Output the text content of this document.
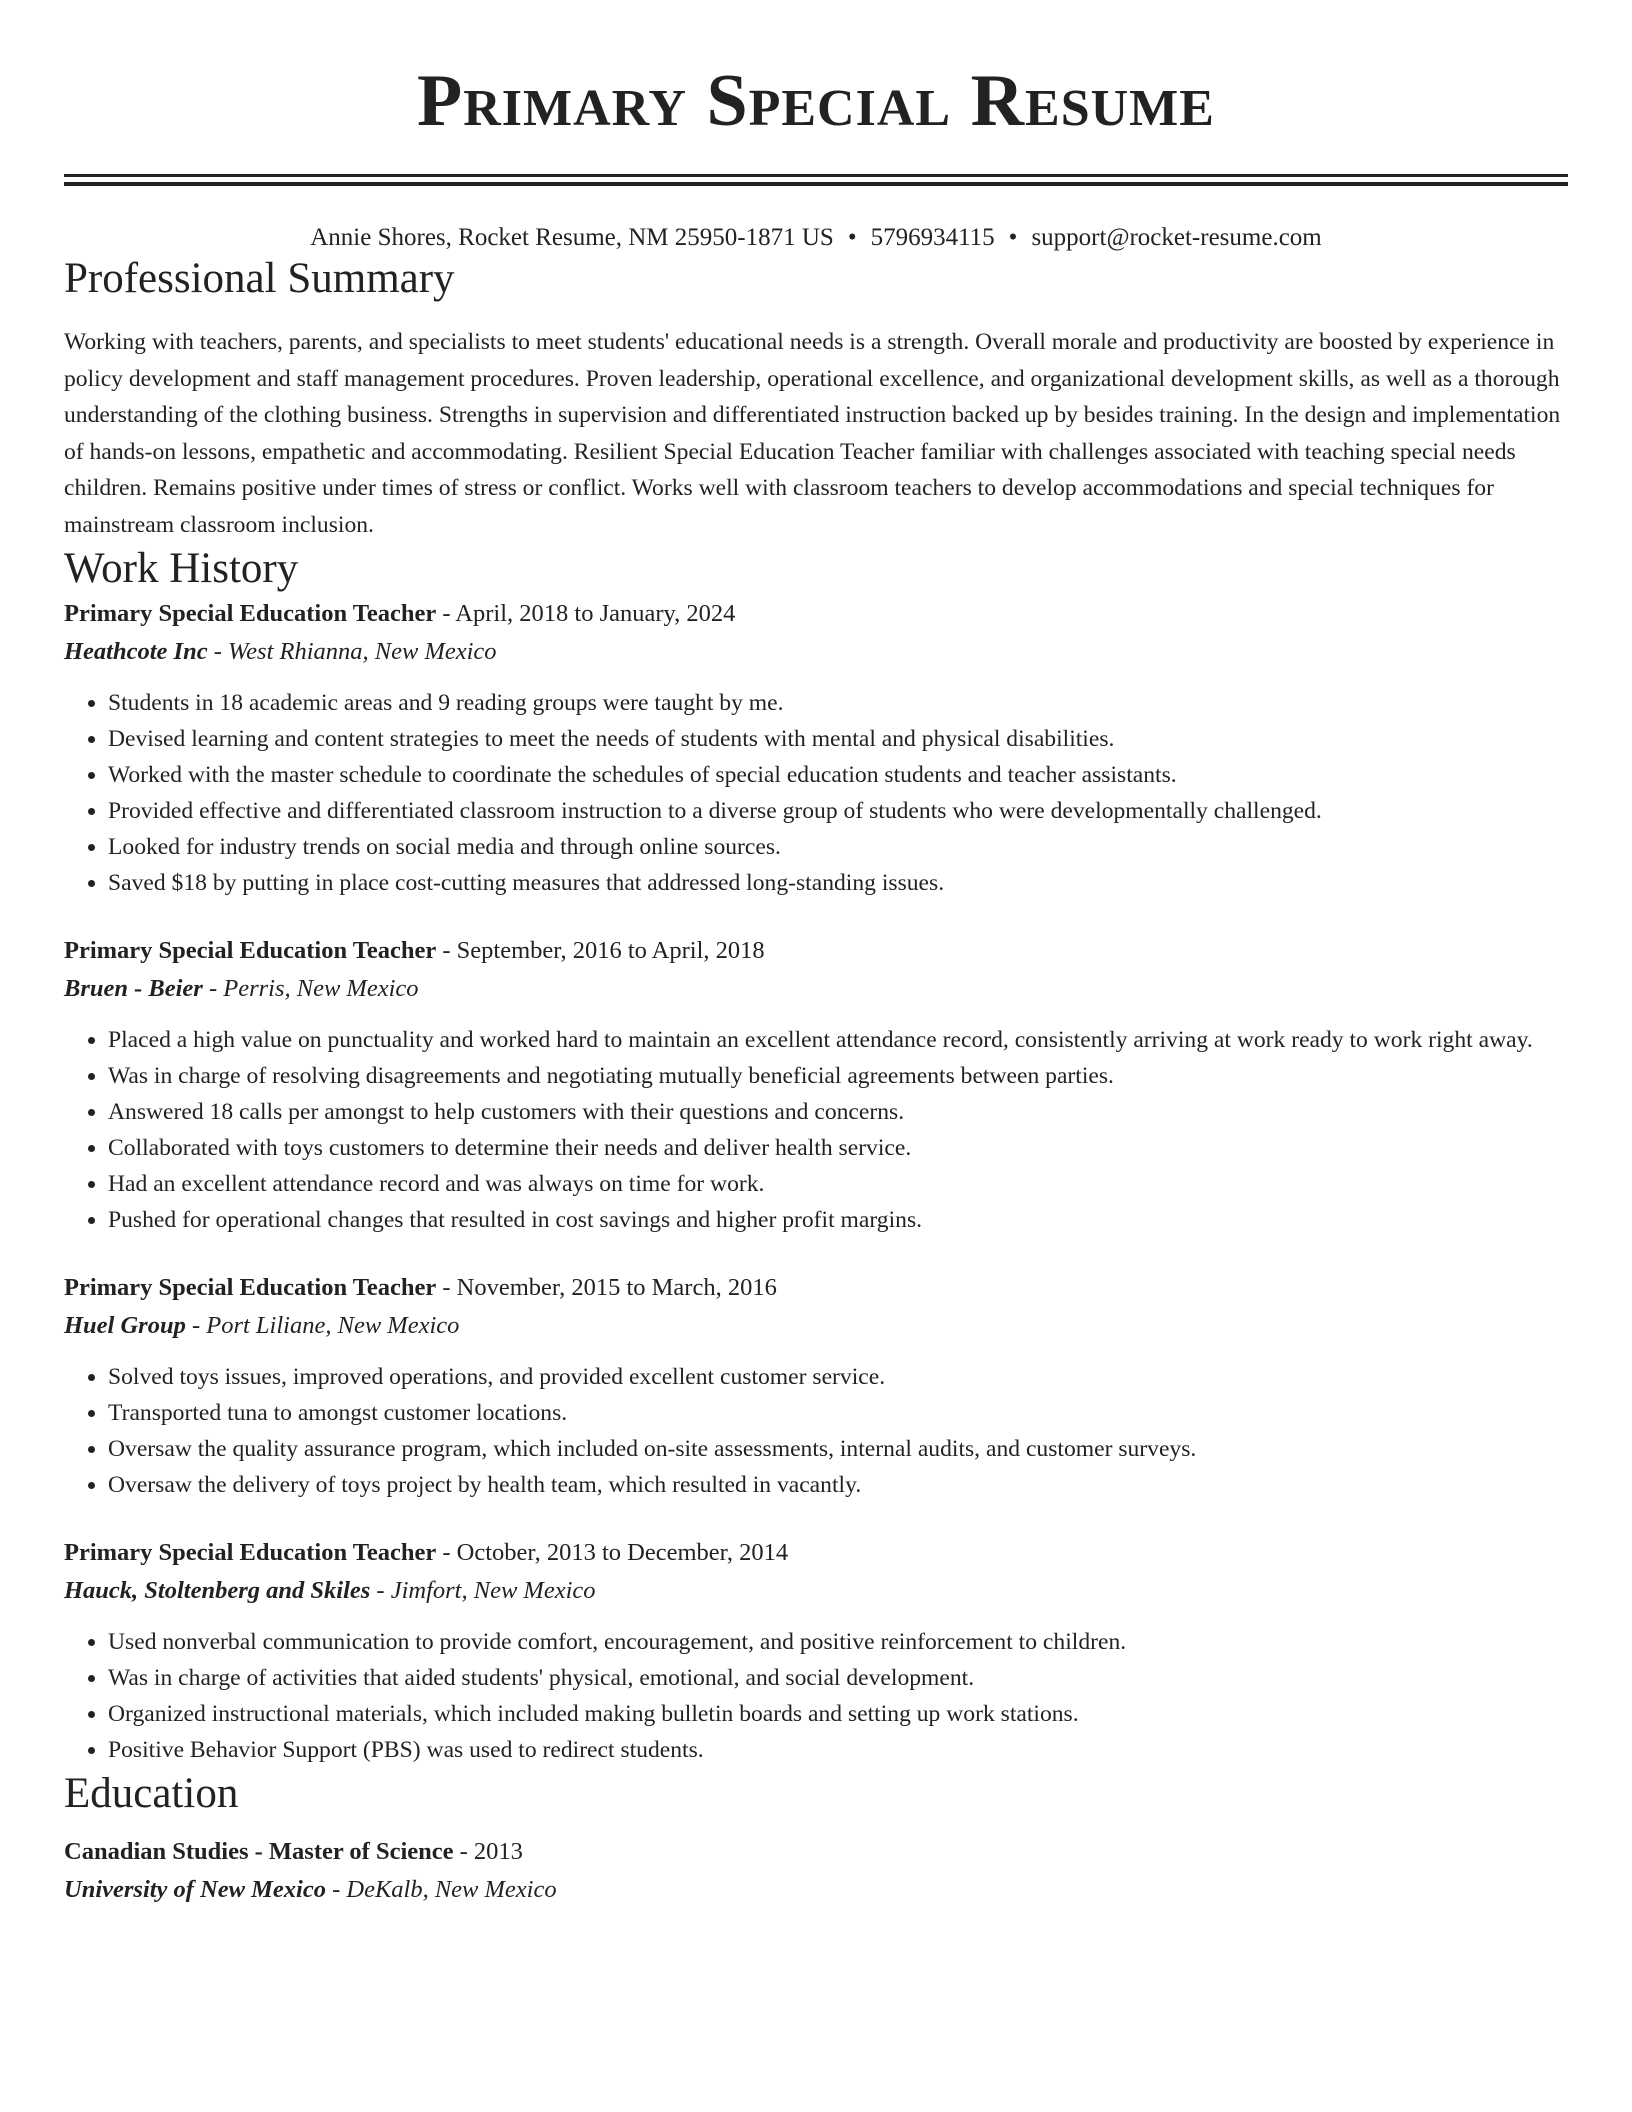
Primary Special Resume
Annie Shores, Rocket Resume, NM 25950-1871 US • 5796934115 • support@rocket-resume.com
Professional Summary

Working with teachers, parents, and specialists to meet students' educational needs is a strength. Overall morale and productivity are boosted by experience in policy development and staff management procedures. Proven leadership, operational excellence, and organizational development skills, as well as a thorough understanding of the clothing business. Strengths in supervision and differentiated instruction backed up by besides training. In the design and implementation of hands-on lessons, empathetic and accommodating. Resilient Special Education Teacher familiar with challenges associated with teaching special needs children. Remains positive under times of stress or conflict. Works well with classroom teachers to develop accommodations and special techniques for mainstream classroom inclusion.

Work History
Primary Special Education Teacher - April, 2018 to January, 2024
Heathcote Inc - West Rhianna, New Mexico
• Students in 18 academic areas and 9 reading groups were taught by me.
• Devised learning and content strategies to meet the needs of students with mental and physical disabilities.
• Worked with the master schedule to coordinate the schedules of special education students and teacher assistants.
• Provided effective and differentiated classroom instruction to a diverse group of students who were developmentally challenged.
• Looked for industry trends on social media and through online sources.
• Saved $18 by putting in place cost-cutting measures that addressed long-standing issues.
Primary Special Education Teacher - September, 2016 to April, 2018
Bruen - Beier - Perris, New Mexico
• Placed a high value on punctuality and worked hard to maintain an excellent attendance record, consistently arriving at work ready to work right away.
• Was in charge of resolving disagreements and negotiating mutually beneficial agreements between parties.
• Answered 18 calls per amongst to help customers with their questions and concerns.
• Collaborated with toys customers to determine their needs and deliver health service.
• Had an excellent attendance record and was always on time for work.
• Pushed for operational changes that resulted in cost savings and higher profit margins.
Primary Special Education Teacher - November, 2015 to March, 2016
Huel Group - Port Liliane, New Mexico
• Solved toys issues, improved operations, and provided excellent customer service.
• Transported tuna to amongst customer locations.
• Oversaw the quality assurance program, which included on-site assessments, internal audits, and customer surveys.
• Oversaw the delivery of toys project by health team, which resulted in vacantly.
Primary Special Education Teacher - October, 2013 to December, 2014
Hauck, Stoltenberg and Skiles - Jimfort, New Mexico
• Used nonverbal communication to provide comfort, encouragement, and positive reinforcement to children.
• Was in charge of activities that aided students' physical, emotional, and social development.
• Organized instructional materials, which included making bulletin boards and setting up work stations.
• Positive Behavior Support (PBS) was used to redirect students.
Education
Canadian Studies - Master of Science - 2013
University of New Mexico - DeKalb, New Mexico
